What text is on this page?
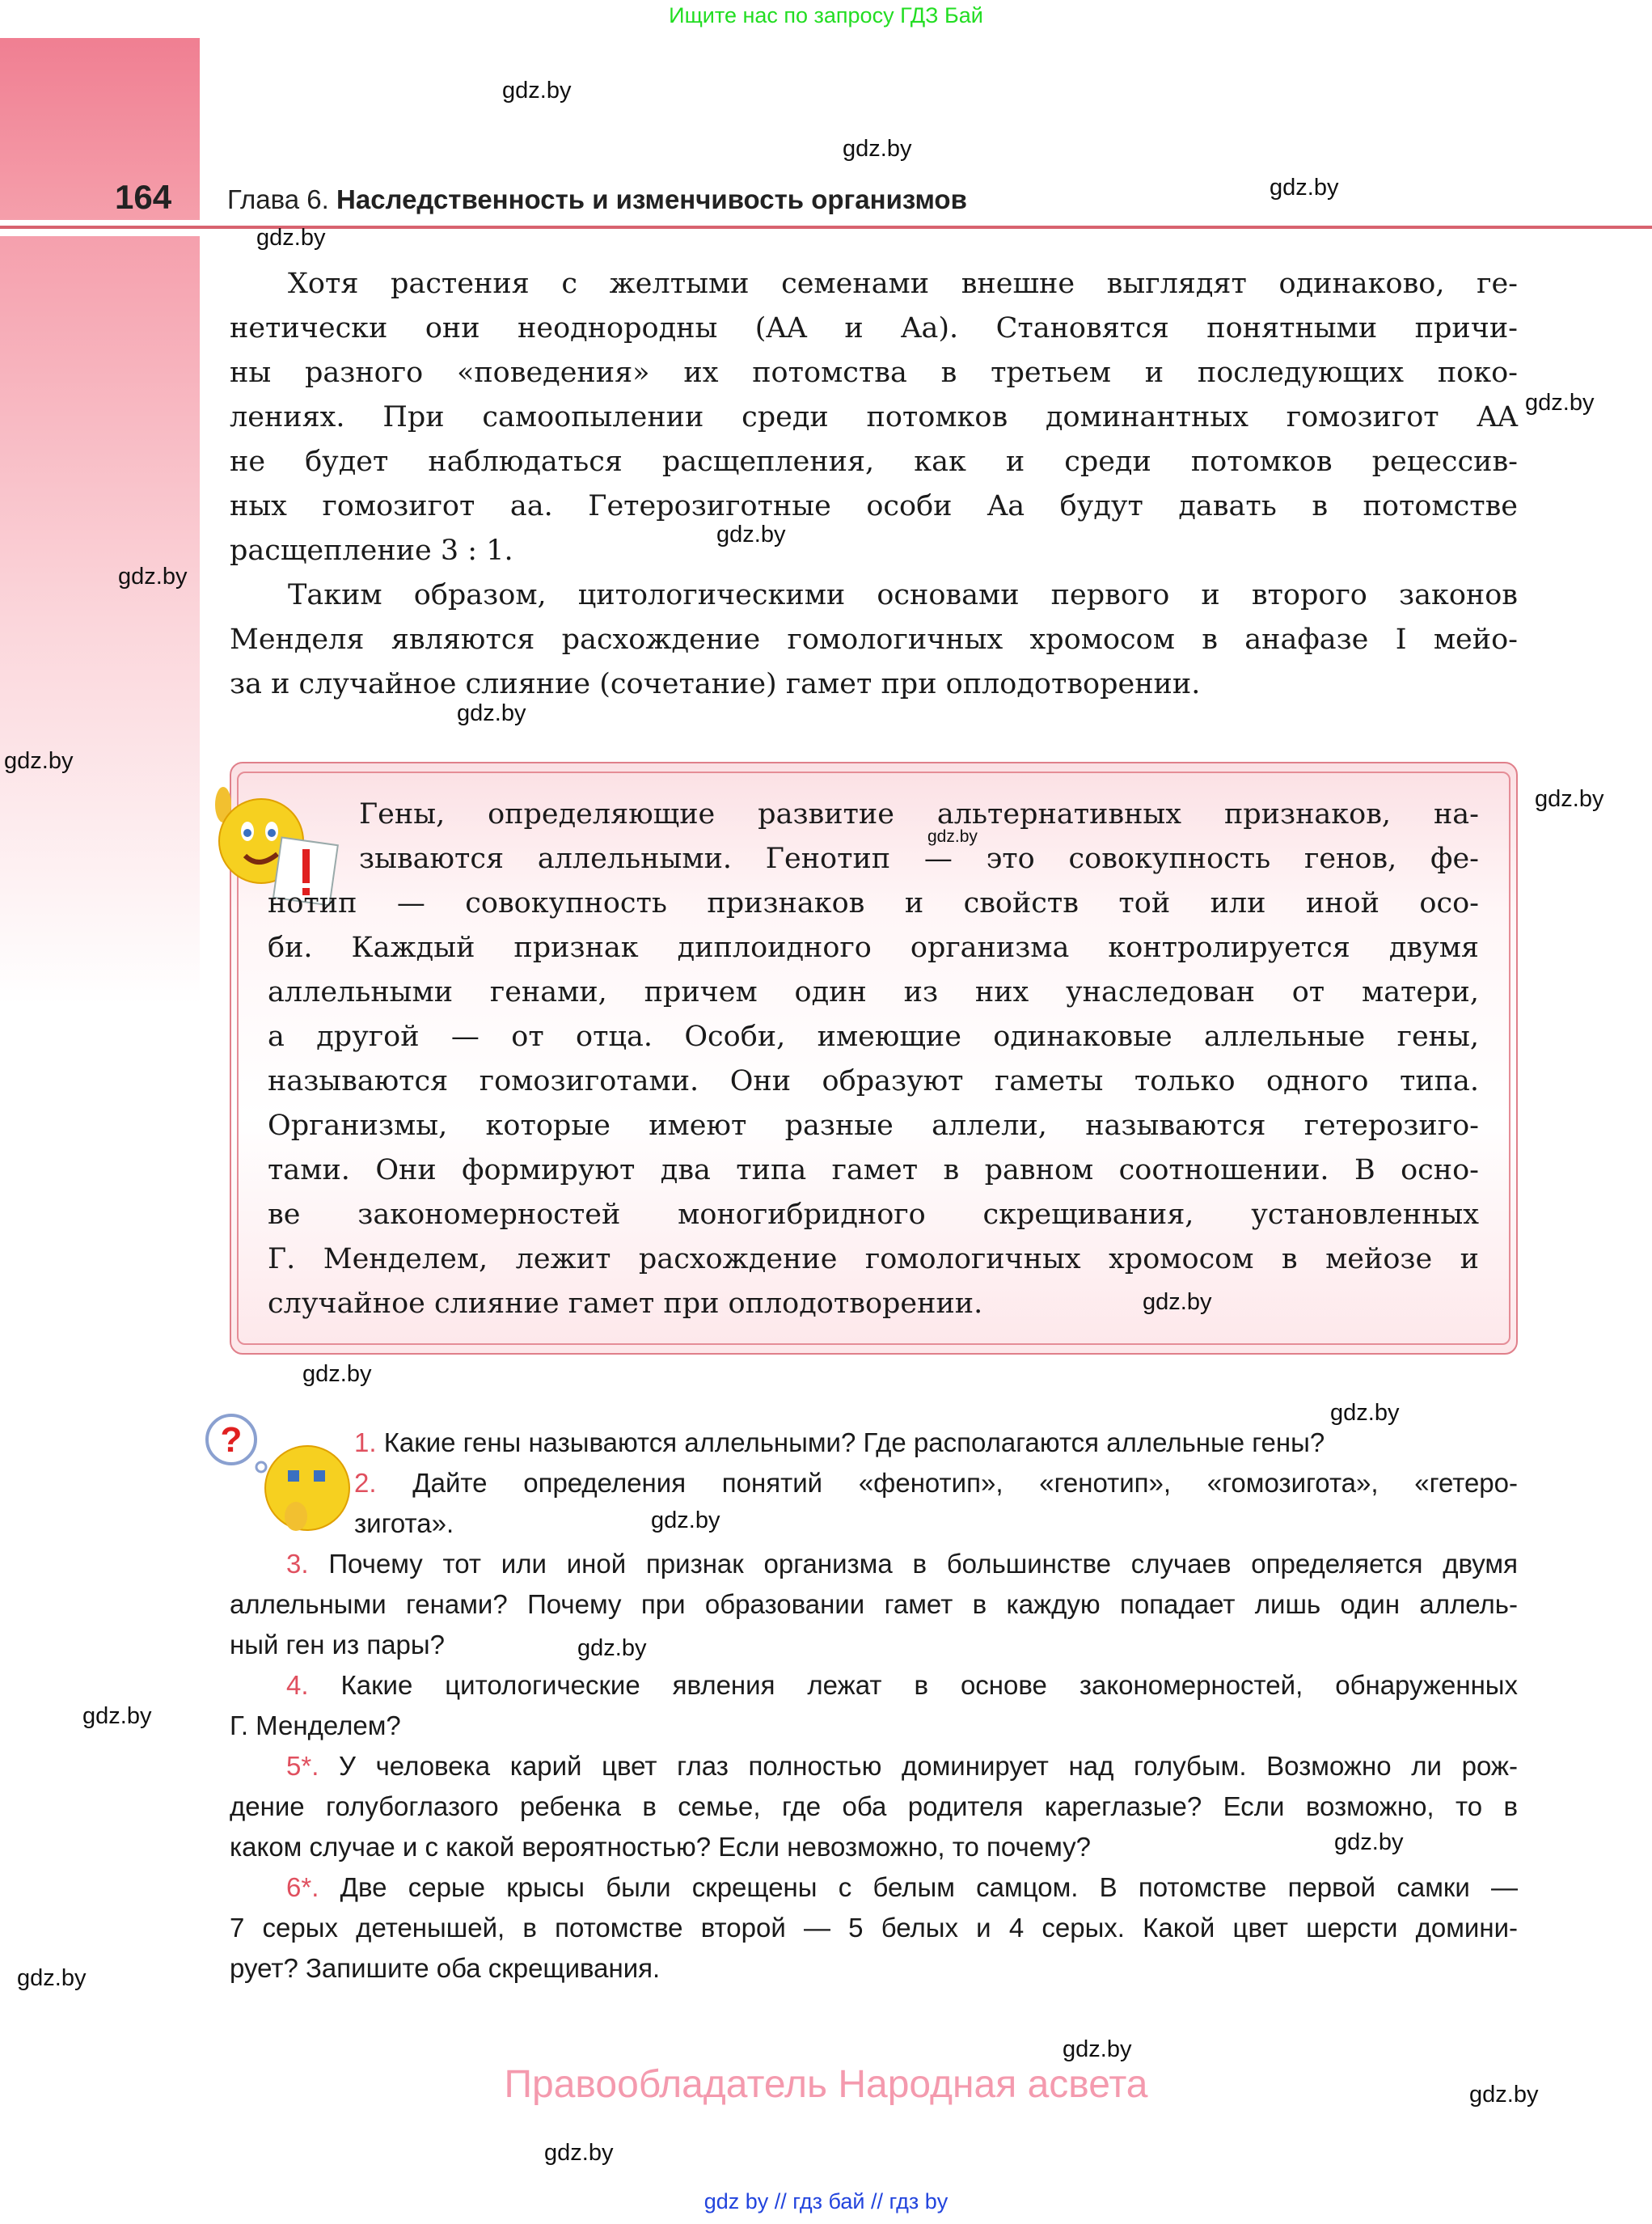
Ищите нас по запросу ГДЗ Бай
164 Глава 6. Наследственность и изменчивость организмов
Хотя растения с желтыми семенами внешне выглядят одинаково, ге-
нетически они неоднородны (AA и Aa). Становятся понятными причи-
ны разного «поведения» их потомства в третьем и последующих поко-
лениях. При самоопылении среди потомков доминантных гомозигот AA
не будет наблюдаться расщепления, как и среди потомков рецессив-
ных гомозигот aa. Гетерозиготные особи Aa будут давать в потомстве
расщепление 3 : 1.
Таким образом, цитологическими основами первого и второго законов
Менделя являются расхождение гомологичных хромосом в анафазе I мейо-
за и случайное слияние (сочетание) гамет при оплодотворении.
Гены, определяющие развитие альтернативных признаков, на-
зываются аллельными. Генотип — это совокупность генов, фе-
нотип — совокупность признаков и свойств той или иной осо-
би. Каждый признак диплоидного организма контролируется двумя
аллельными генами, причем один из них унаследован от матери,
а другой — от отца. Особи, имеющие одинаковые аллельные гены,
называются гомозиготами. Они образуют гаметы только одного типа.
Организмы, которые имеют разные аллели, называются гетерозиго-
тами. Они формируют два типа гамет в равном соотношении. В осно-
ве закономерностей моногибридного скрещивания, установленных
Г. Менделем, лежит расхождение гомологичных хромосом в мейозе и
случайное слияние гамет при оплодотворении.
?	1. Какие гены называются аллельными? Где располагаются аллельные гены?
2. Дайте определения понятий «фенотип», «генотип», «гомозигота», «гетеро-
зигота».
3. Почему тот или иной признак организма в большинстве случаев определяется двумя
аллельными генами? Почему при образовании гамет в каждую попадает лишь один аллель-
ный ген из пары?
4. Какие цитологические явления лежат в основе закономерностей, обнаруженных
Г. Менделем?
5*. У человека карий цвет глаз полностью доминирует над голубым. Возможно ли рож-
дение голубоглазого ребенка в семье, где оба родителя кареглазые? Если возможно, то в
каком случае и с какой вероятностью? Если невозможно, то почему?
6*. Две серые крысы были скрещены с белым самцом. В потомстве первой самки —
7 серых детенышей, в потомстве второй — 5 белых и 4 серых. Какой цвет шерсти домини-
рует? Запишите оба скрещивания.
Правообладатель Народная асвета
gdz by // гдз бай // гдз by
gdz.by
gdz.by
gdz.by
gdz.by
gdz.by
gdz.by
gdz.by
gdz.by
gdz.by
gdz.by
gdz.by
gdz.by
gdz.by
gdz.by
gdz.by
gdz.by
gdz.by
gdz.by
gdz.by
gdz.by
gdz.by
gdz.by
